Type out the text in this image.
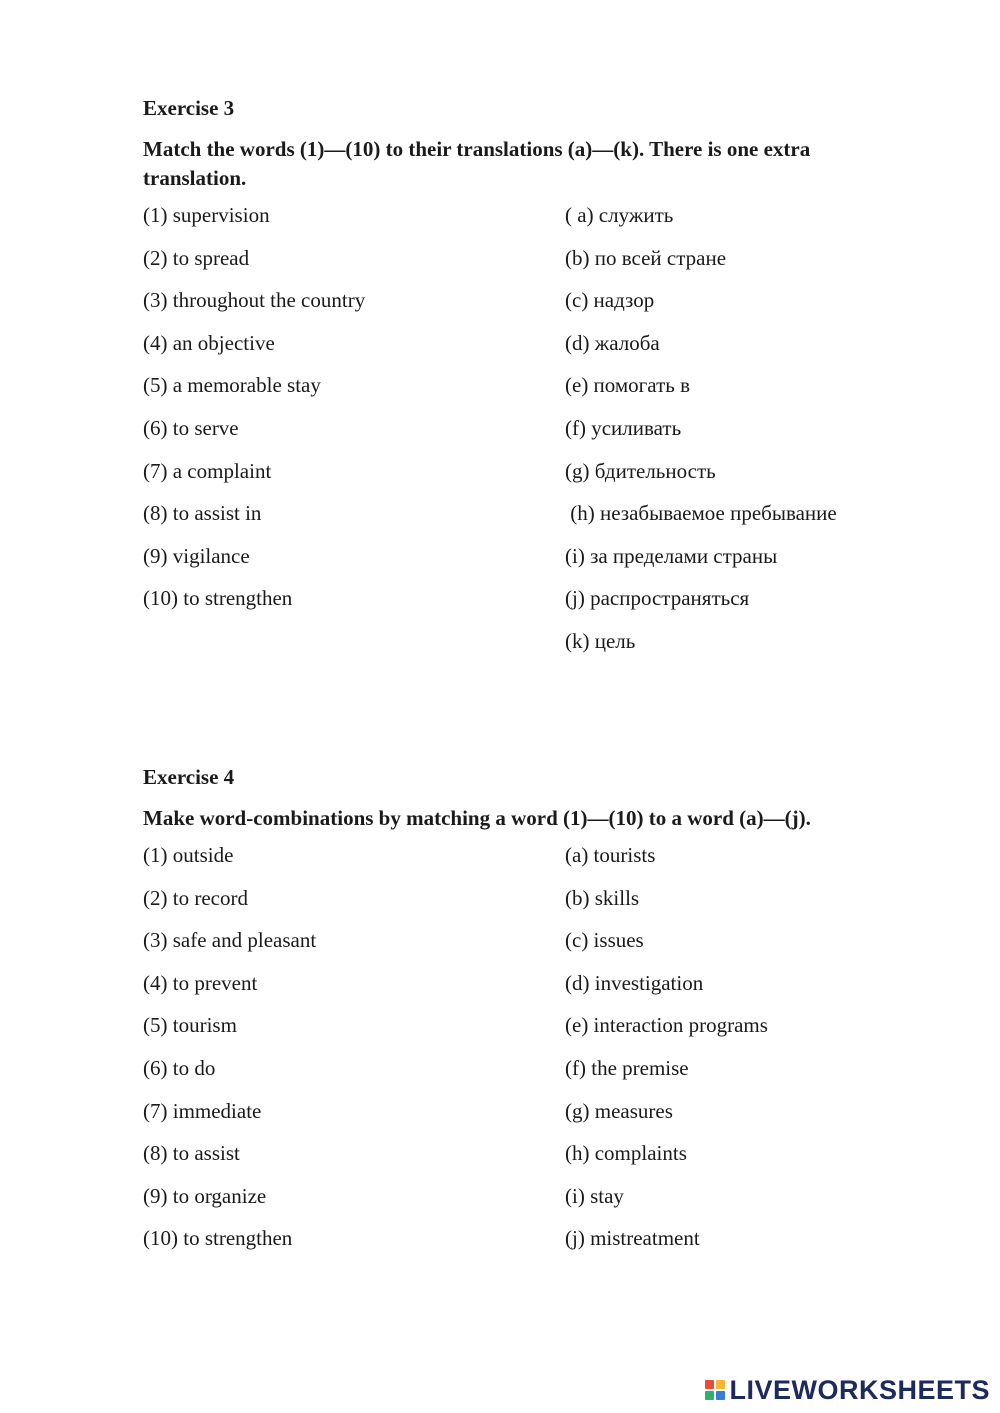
Exercise 3

Match the words (1)—(10) to their translations (a)—(k). There is one extra translation.

(1) supervision	( a) служить
(2) to spread	(b) по всей стране
(3) throughout the country	(c) надзор
(4) an objective	(d) жалоба
(5) a memorable stay	(e) помогать в
(6) to serve	(f) усиливать
(7) a complaint	(g) бдительность
(8) to assist in	(h) незабываемое пребывание
(9) vigilance	(i) за пределами страны
(10) to strengthen	(j) распространяться
(k) цель
Exercise 4

Make word-combinations by matching a word (1)—(10) to a word (a)—(j).

(1) outside	(a) tourists
(2) to record	(b) skills
(3) safe and pleasant	(c) issues
(4) to prevent	(d) investigation
(5) tourism	(e) interaction programs
(6) to do	(f) the premise
(7) immediate	(g) measures
(8) to assist	(h) complaints
(9) to organize	(i) stay
(10) to strengthen	(j) mistreatment
LIVEWORKSHEETS
